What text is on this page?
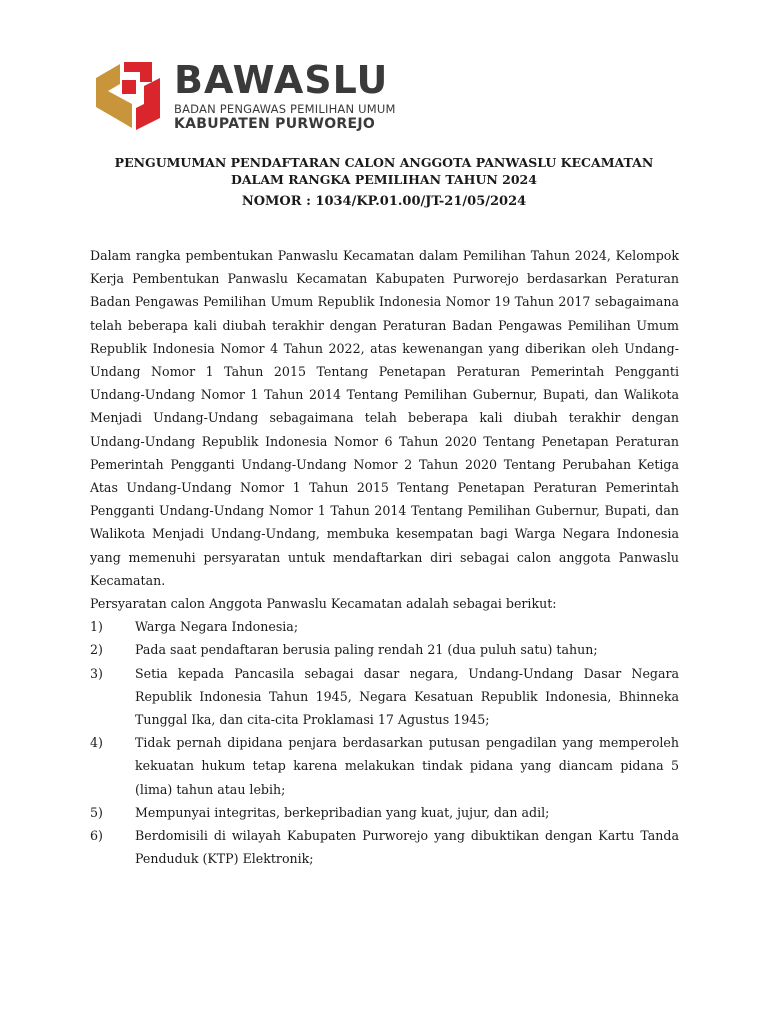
BAWASLU
BADAN PENGAWAS PEMILIHAN UMUM
KABUPATEN PURWOREJO
PENGUMUMAN PENDAFTARAN CALON ANGGOTA PANWASLU KECAMATAN
DALAM RANGKA PEMILIHAN TAHUN 2024
NOMOR : 1034/KP.01.00/JT-21/05/2024

Dalam rangka pembentukan Panwaslu Kecamatan dalam Pemilihan Tahun 2024, Kelompok Kerja Pembentukan Panwaslu Kecamatan Kabupaten Purworejo berdasarkan Peraturan Badan Pengawas Pemilihan Umum Republik Indonesia Nomor 19 Tahun 2017 sebagaimana telah beberapa kali diubah terakhir dengan Peraturan Badan Pengawas Pemilihan Umum Republik Indonesia Nomor 4 Tahun 2022, atas kewenangan yang diberikan oleh Undang-Undang Nomor 1 Tahun 2015 Tentang Penetapan Peraturan Pemerintah Pengganti Undang-Undang Nomor 1 Tahun 2014 Tentang Pemilihan Gubernur, Bupati, dan Walikota Menjadi Undang-Undang sebagaimana telah beberapa kali diubah terakhir dengan Undang-Undang Republik Indonesia Nomor 6 Tahun 2020 Tentang Penetapan Peraturan Pemerintah Pengganti Undang-Undang Nomor 2 Tahun 2020 Tentang Perubahan Ketiga Atas Undang-Undang Nomor 1 Tahun 2015 Tentang Penetapan Peraturan Pemerintah Pengganti Undang-Undang Nomor 1 Tahun 2014 Tentang Pemilihan Gubernur, Bupati, dan Walikota Menjadi Undang-Undang, membuka kesempatan bagi Warga Negara Indonesia yang memenuhi persyaratan untuk mendaftarkan diri sebagai calon anggota Panwaslu Kecamatan.

Persyaratan calon Anggota Panwaslu Kecamatan adalah sebagai berikut:

1)	Warga Negara Indonesia;
2)	Pada saat pendaftaran berusia paling rendah 21 (dua puluh satu) tahun;
3)	Setia kepada Pancasila sebagai dasar negara, Undang-Undang Dasar Negara Republik Indonesia Tahun 1945, Negara Kesatuan Republik Indonesia, Bhinneka Tunggal Ika, dan cita-cita Proklamasi 17 Agustus 1945;
4)	Tidak pernah dipidana penjara berdasarkan putusan pengadilan yang memperoleh kekuatan hukum tetap karena melakukan tindak pidana yang diancam pidana 5 (lima) tahun atau lebih;
5)	Mempunyai integritas, berkepribadian yang kuat, jujur, dan adil;
6)	Berdomisili di wilayah Kabupaten Purworejo yang dibuktikan dengan Kartu Tanda Penduduk (KTP) Elektronik;
